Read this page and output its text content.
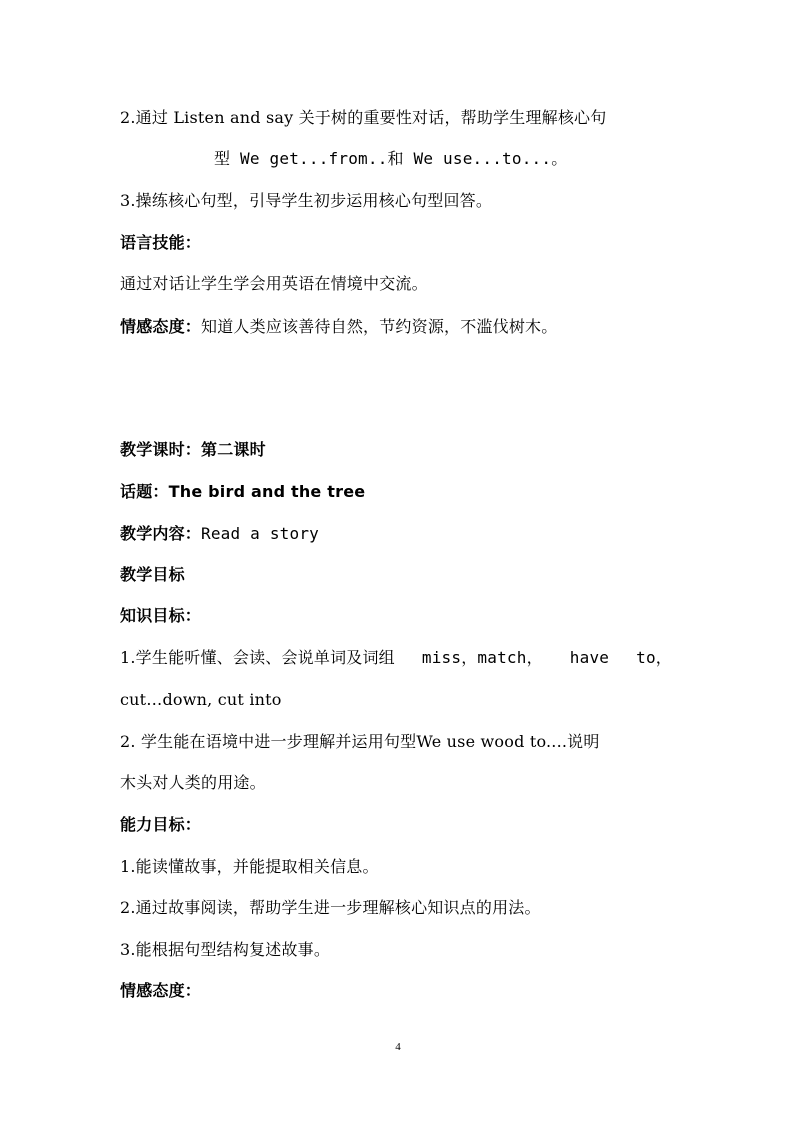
2.通过 Listen and say 关于树的重要性对话，帮助学生理解核心句
型 We get...from..和 We use...to...。
3.操练核心句型，引导学生初步运用核心句型回答。
语言技能：
通过对话让学生学会用英语在情境中交流。
情感态度：知道人类应该善待自然，节约资源，不滥伐树木。
教学课时：第二课时
话题：The bird and the tree
教学内容：Read a story
教学目标
知识目标：
1.学生能听懂、会读、会说单词及词组 miss，match， have to，
cut…down, cut into
2. 学生能在语境中进一步理解并运用句型We use wood to....说明
木头对人类的用途。
能力目标：
1.能读懂故事，并能提取相关信息。
2.通过故事阅读，帮助学生进一步理解核心知识点的用法。
3.能根据句型结构复述故事。
情感态度：
4
